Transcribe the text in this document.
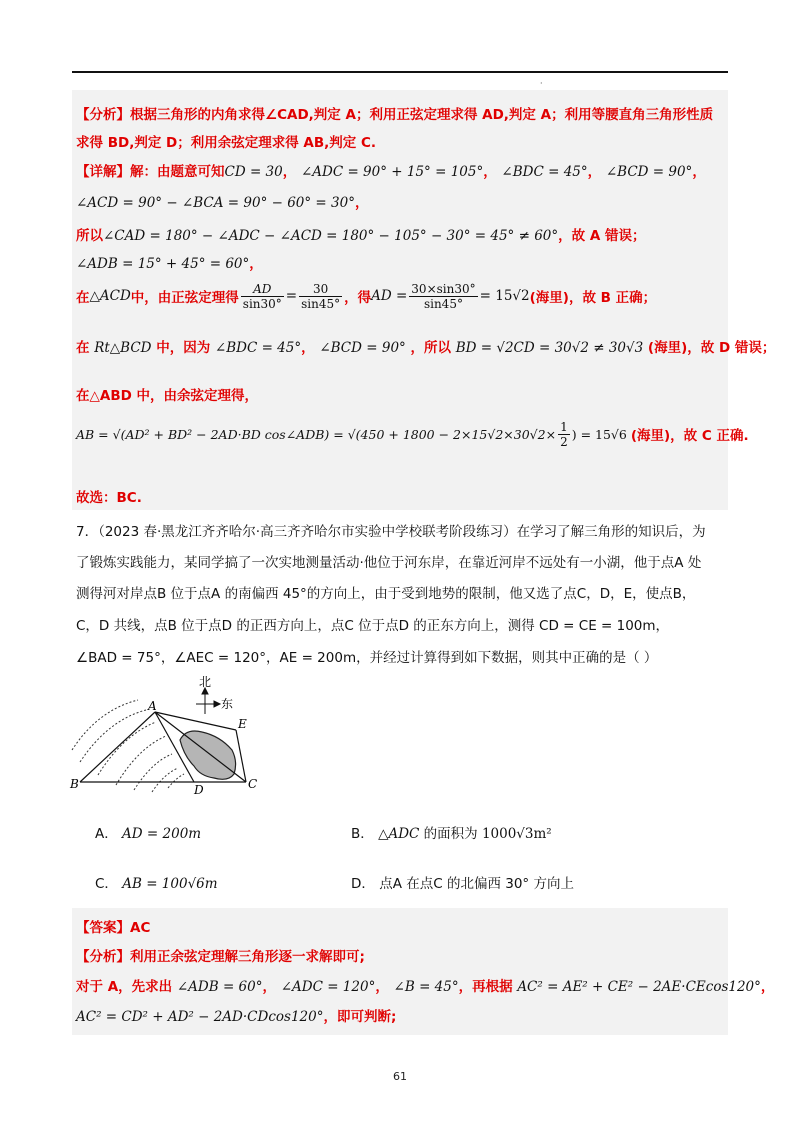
·
【分析】根据三角形的内角求得∠CAD,判定 A；利用正弦定理求得 AD,判定 A；利用等腰直角三角形性质
求得 BD,判定 D；利用余弦定理求得 AB,判定 C.
【详解】解：由题意可知CD = 30， ∠ADC = 90° + 15° = 105°， ∠BDC = 45°， ∠BCD = 90°，
∠ACD = 90° − ∠BCA = 90° − 60° = 30°，
所以∠CAD = 180° − ∠ADC − ∠ACD = 180° − 105° − 30° = 45° ≠ 60°，故 A 错误；
∠ADB = 15° + 45° = 60°，
在 △ACD 中，由正弦定理得 $\frac{AD}{\sin 30^\circ} = \frac{30}{\sin 45^\circ}$ ，得 AD = $\frac{30\times\sin 30^\circ}{\sin 45^\circ} = 15√2$ (海里)，故 B 正确；
在 Rt△BCD 中，因为 ∠BDC = 45°， ∠BCD = 90° ，所以 BD = √2CD = 30√2 ≠ 30√3 (海里)，故 D 错误；
在△ABD 中，由余弦定理得，
AB = √(AD² + BD² − 2AD·BD cos∠ADB) = $√(450 + 1800 - 2\times 15√2\times 30√2\times \frac{1}{2}$ ) = 15√6 (海里)，故 C 正确.
故选：BC.
7．（2023 春·黑龙江齐齐哈尔·高三齐齐哈尔市实验中学校联考阶段练习）在学习了解三角形的知识后，为
了锻炼实践能力，某同学搞了一次实地测量活动·他位于河东岸，在靠近河岸不远处有一小湖，他于点A 处
测得河对岸点B 位于点A 的南偏西 45°的方向上，由于受到地势的限制，他又选了点C，D，E，使点B，
C，D 共线，点B 位于点D 的正西方向上，点C 位于点D 的正东方向上，测得 CD = CE = 100m，
∠BAD = 75°，∠AEC = 120°，AE = 200m，并经过计算得到如下数据，则其中正确的是（ ）
北
东
A
B	C
D
E
A． AD = 200m	B． △ADC 的面积为 1000√3m²
C． AB = 100√6m	D． 点A 在点C 的北偏西 30° 方向上
【答案】AC
【分析】利用正余弦定理解三角形逐一求解即可;
对于 A，先求出 ∠ADB = 60°， ∠ADC = 120°， ∠B = 45°，再根据 AC² = AE² + CE² − 2AE·CEcos120°，
AC² = CD² + AD² − 2AD·CDcos120°，即可判断;
61
